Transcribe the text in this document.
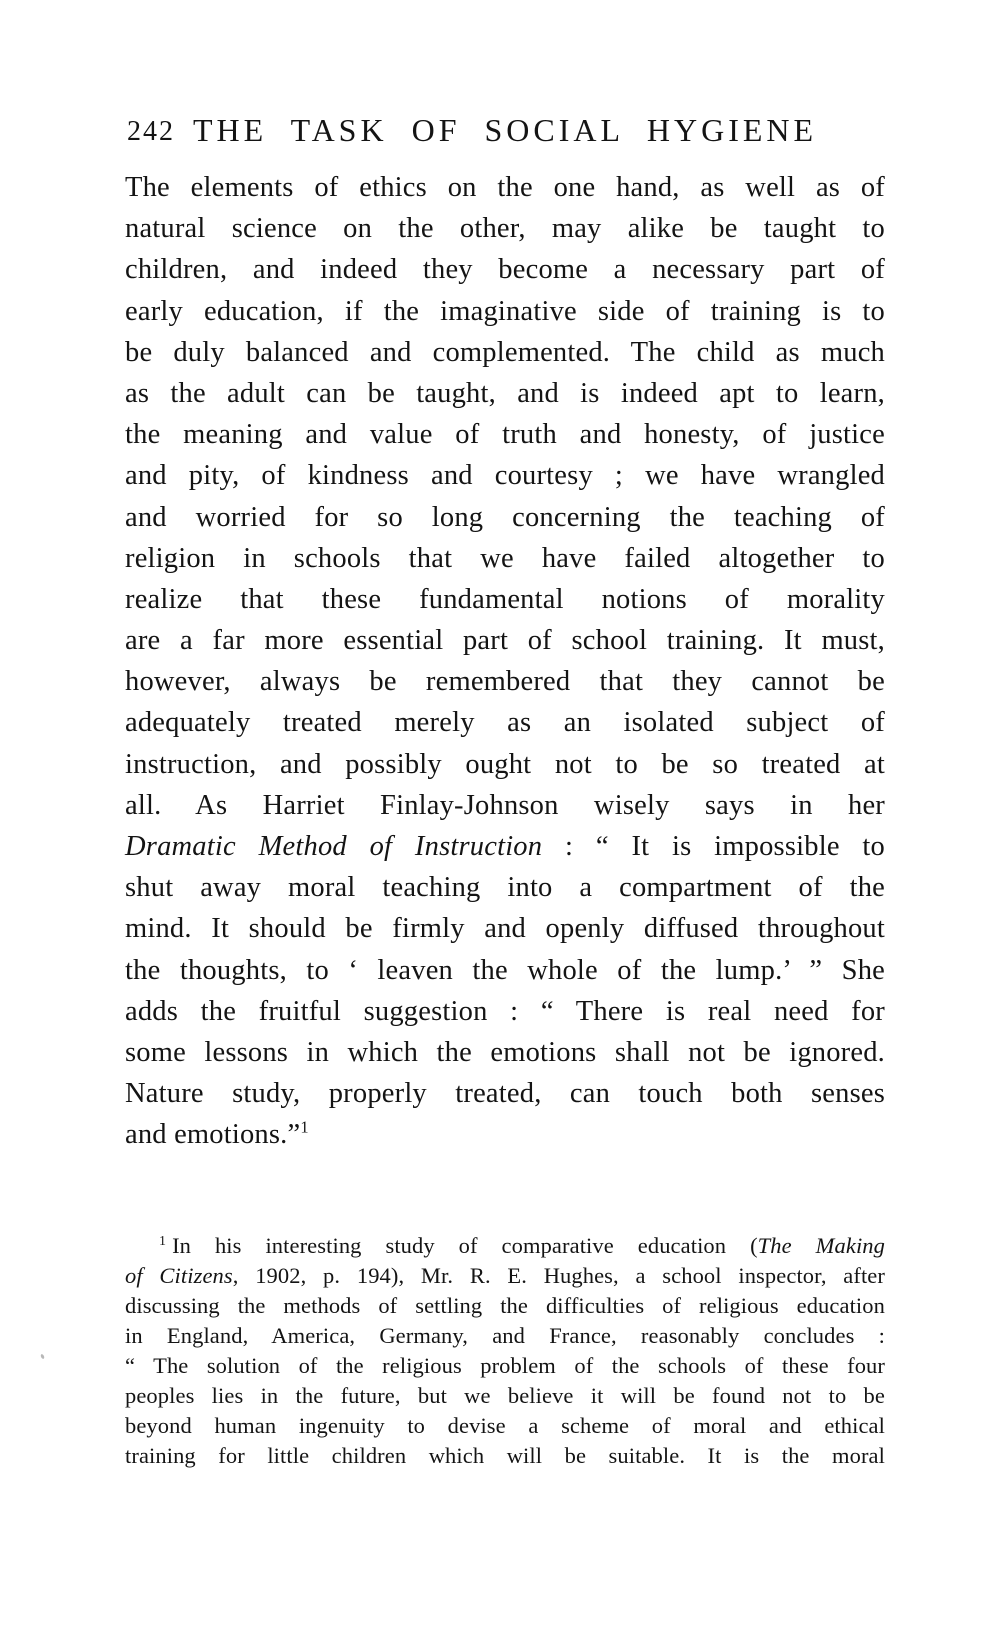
242 THE TASK OF SOCIAL HYGIENE
The elements of ethics on the one hand, as well as of
natural science on the other, may alike be taught to
children, and indeed they become a necessary part of
early education, if the imaginative side of training is to
be duly balanced and complemented. The child as much
as the adult can be taught, and is indeed apt to learn,
the meaning and value of truth and honesty, of justice
and pity, of kindness and courtesy ; we have wrangled
and worried for so long concerning the teaching of
religion in schools that we have failed altogether to
realize that these fundamental notions of morality
are a far more essential part of school training. It must,
however, always be remembered that they cannot be
adequately treated merely as an isolated subject of
instruction, and possibly ought not to be so treated at
all. As Harriet Finlay-Johnson wisely says in her
Dramatic Method of Instruction : “ It is impossible to
shut away moral teaching into a compartment of the
mind. It should be firmly and openly diffused throughout
the thoughts, to ‘ leaven the whole of the lump.’ ” She
adds the fruitful suggestion : “ There is real need for
some lessons in which the emotions shall not be ignored.
Nature study, properly treated, can touch both senses
and emotions.”$^1$
$^1$ In his interesting study of comparative education (The Making
of Citizens, 1902, p. 194), Mr. R. E. Hughes, a school inspector, after
discussing the methods of settling the difficulties of religious education
in England, America, Germany, and France, reasonably concludes :
“ The solution of the religious problem of the schools of these four
peoples lies in the future, but we believe it will be found not to be
beyond human ingenuity to devise a scheme of moral and ethical
training for little children which will be suitable. It is the moral
